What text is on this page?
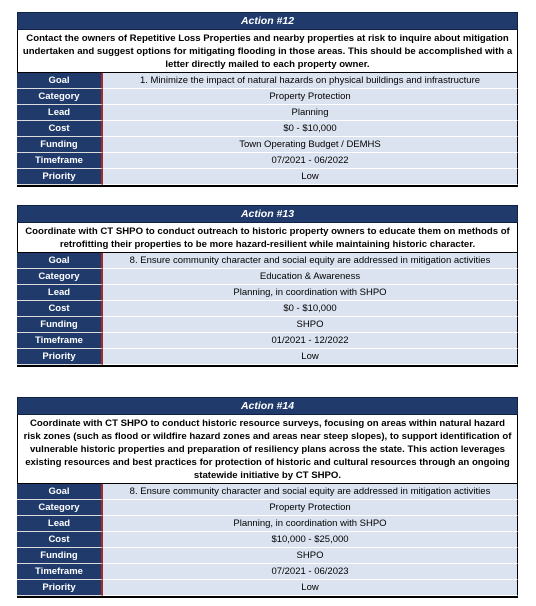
Action #12
Contact the owners of Repetitive Loss Properties and nearby properties at risk to inquire about mitigation undertaken and suggest options for mitigating flooding in those areas. This should be accomplished with a letter directly mailed to each property owner.
Goal	1. Minimize the impact of natural hazards on physical buildings and infrastructure
Category	Property Protection
Lead	Planning
Cost	$0 - $10,000
Funding	Town Operating Budget / DEMHS
Timeframe	07/2021 - 06/2022
Priority	Low
Action #13
Coordinate with CT SHPO to conduct outreach to historic property owners to educate them on methods of retrofitting their properties to be more hazard-resilient while maintaining historic character.
Goal	8. Ensure community character and social equity are addressed in mitigation activities
Category	Education & Awareness
Lead	Planning, in coordination with SHPO
Cost	$0 - $10,000
Funding	SHPO
Timeframe	01/2021 - 12/2022
Priority	Low
Action #14
Coordinate with CT SHPO to conduct historic resource surveys, focusing on areas within natural hazard risk zones (such as flood or wildfire hazard zones and areas near steep slopes), to support identification of vulnerable historic properties and preparation of resiliency plans across the state. This action leverages existing resources and best practices for protection of historic and cultural resources through an ongoing statewide initiative by CT SHPO.
Goal	8. Ensure community character and social equity are addressed in mitigation activities
Category	Property Protection
Lead	Planning, in coordination with SHPO
Cost	$10,000 - $25,000
Funding	SHPO
Timeframe	07/2021 - 06/2023
Priority	Low
